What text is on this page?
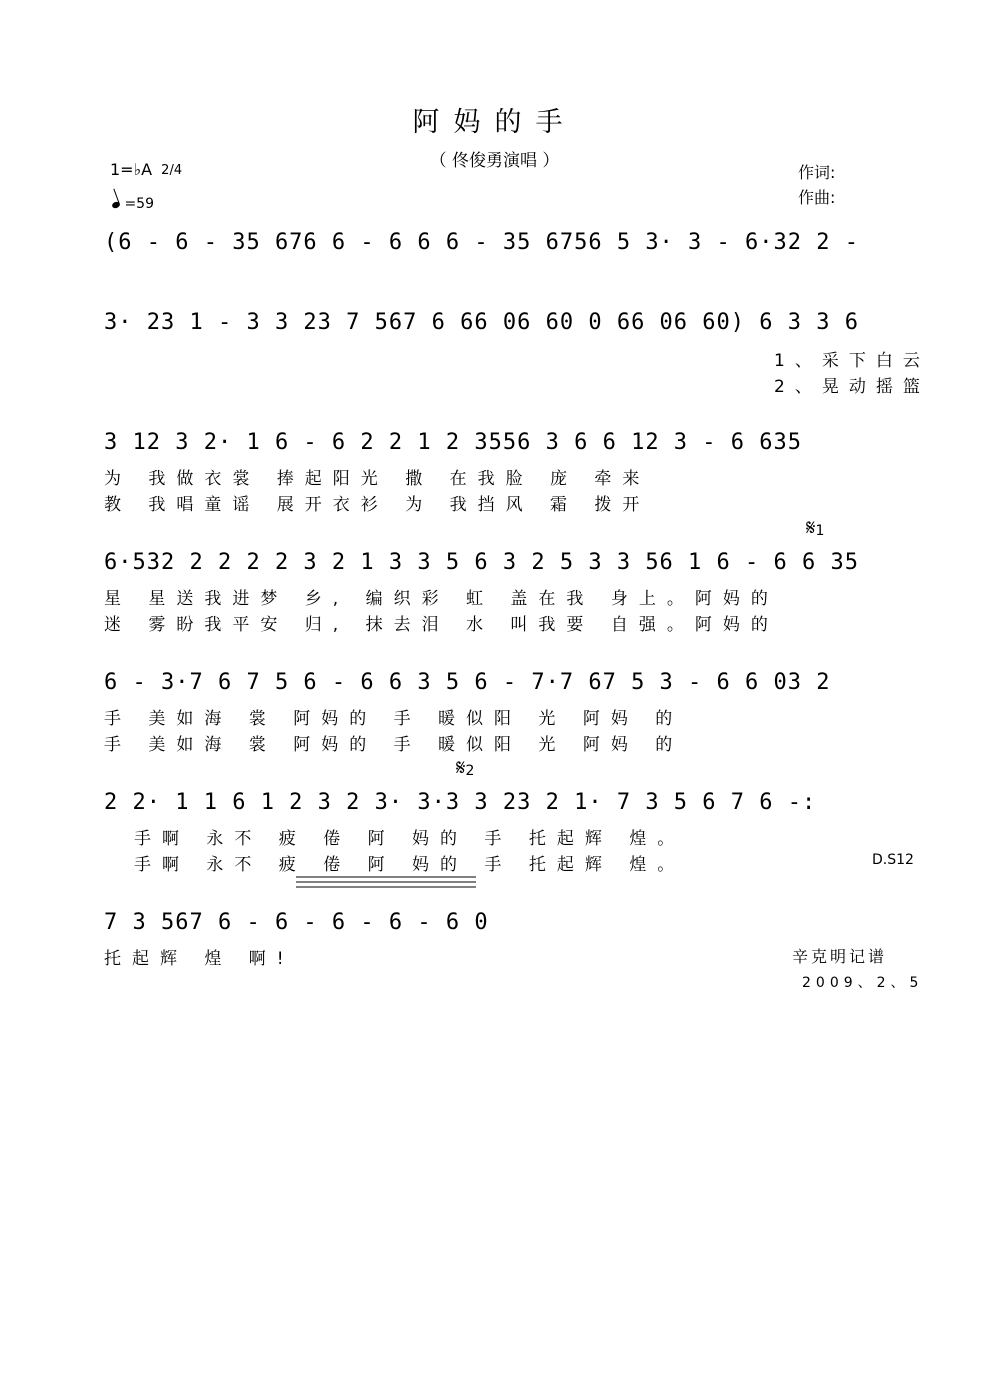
阿妈的手
（ 佟俊勇演唱 ）
1=♭A 2/4
=59
作词:
作曲:
(6 - 6 - 35 676 6 - 6 6 6 - 35 6756 5 3· 3 - 6·32 2 -
3· 23 1 - 3 3 23 7 567 6 66 06 60 0 66 06 60) 6 3 3 6
1、采下白云
2、晃动摇篮
3 12 3 2· 1 6 - 6 2 2 1 2 3556 3 6 6 12 3 - 6 635
为 我做衣裳 捧起阳光 撒 在我脸 庞 牵来
教 我唱童谣 展开衣衫 为 我挡风 霜 拨开
𝄋1
6·532 2 2 2 2 3 2 1 3 3 5 6 3 2 5 3 3 56 1 6 - 6 6 35
星 星送我进梦 乡, 编织彩 虹 盖在我 身上。阿妈的
迷 雾盼我平安 归, 抹去泪 水 叫我要 自强。阿妈的
6 - 3·7 6 7 5 6 - 6 6 3 5 6 - 7·7 67 5 3 - 6 6 03 2
手 美如海 裳 阿妈的 手 暖似阳 光 阿妈 的
手 美如海 裳 阿妈的 手 暖似阳 光 阿妈 的
𝄋2
2 2· 1 1 6 1 2 3 2 3· 3·3 3 23 2 1· 7 3 5 6 7 6 -:
手啊 永不 疲 倦 阿 妈的 手 托起辉 煌。
手啊 永不 疲 倦 阿 妈的 手 托起辉 煌。	D.S12
7 3 567 6 - 6 - 6 - 6 - 6 0
托起辉 煌 啊!	辛克明记谱
2009、2、5
